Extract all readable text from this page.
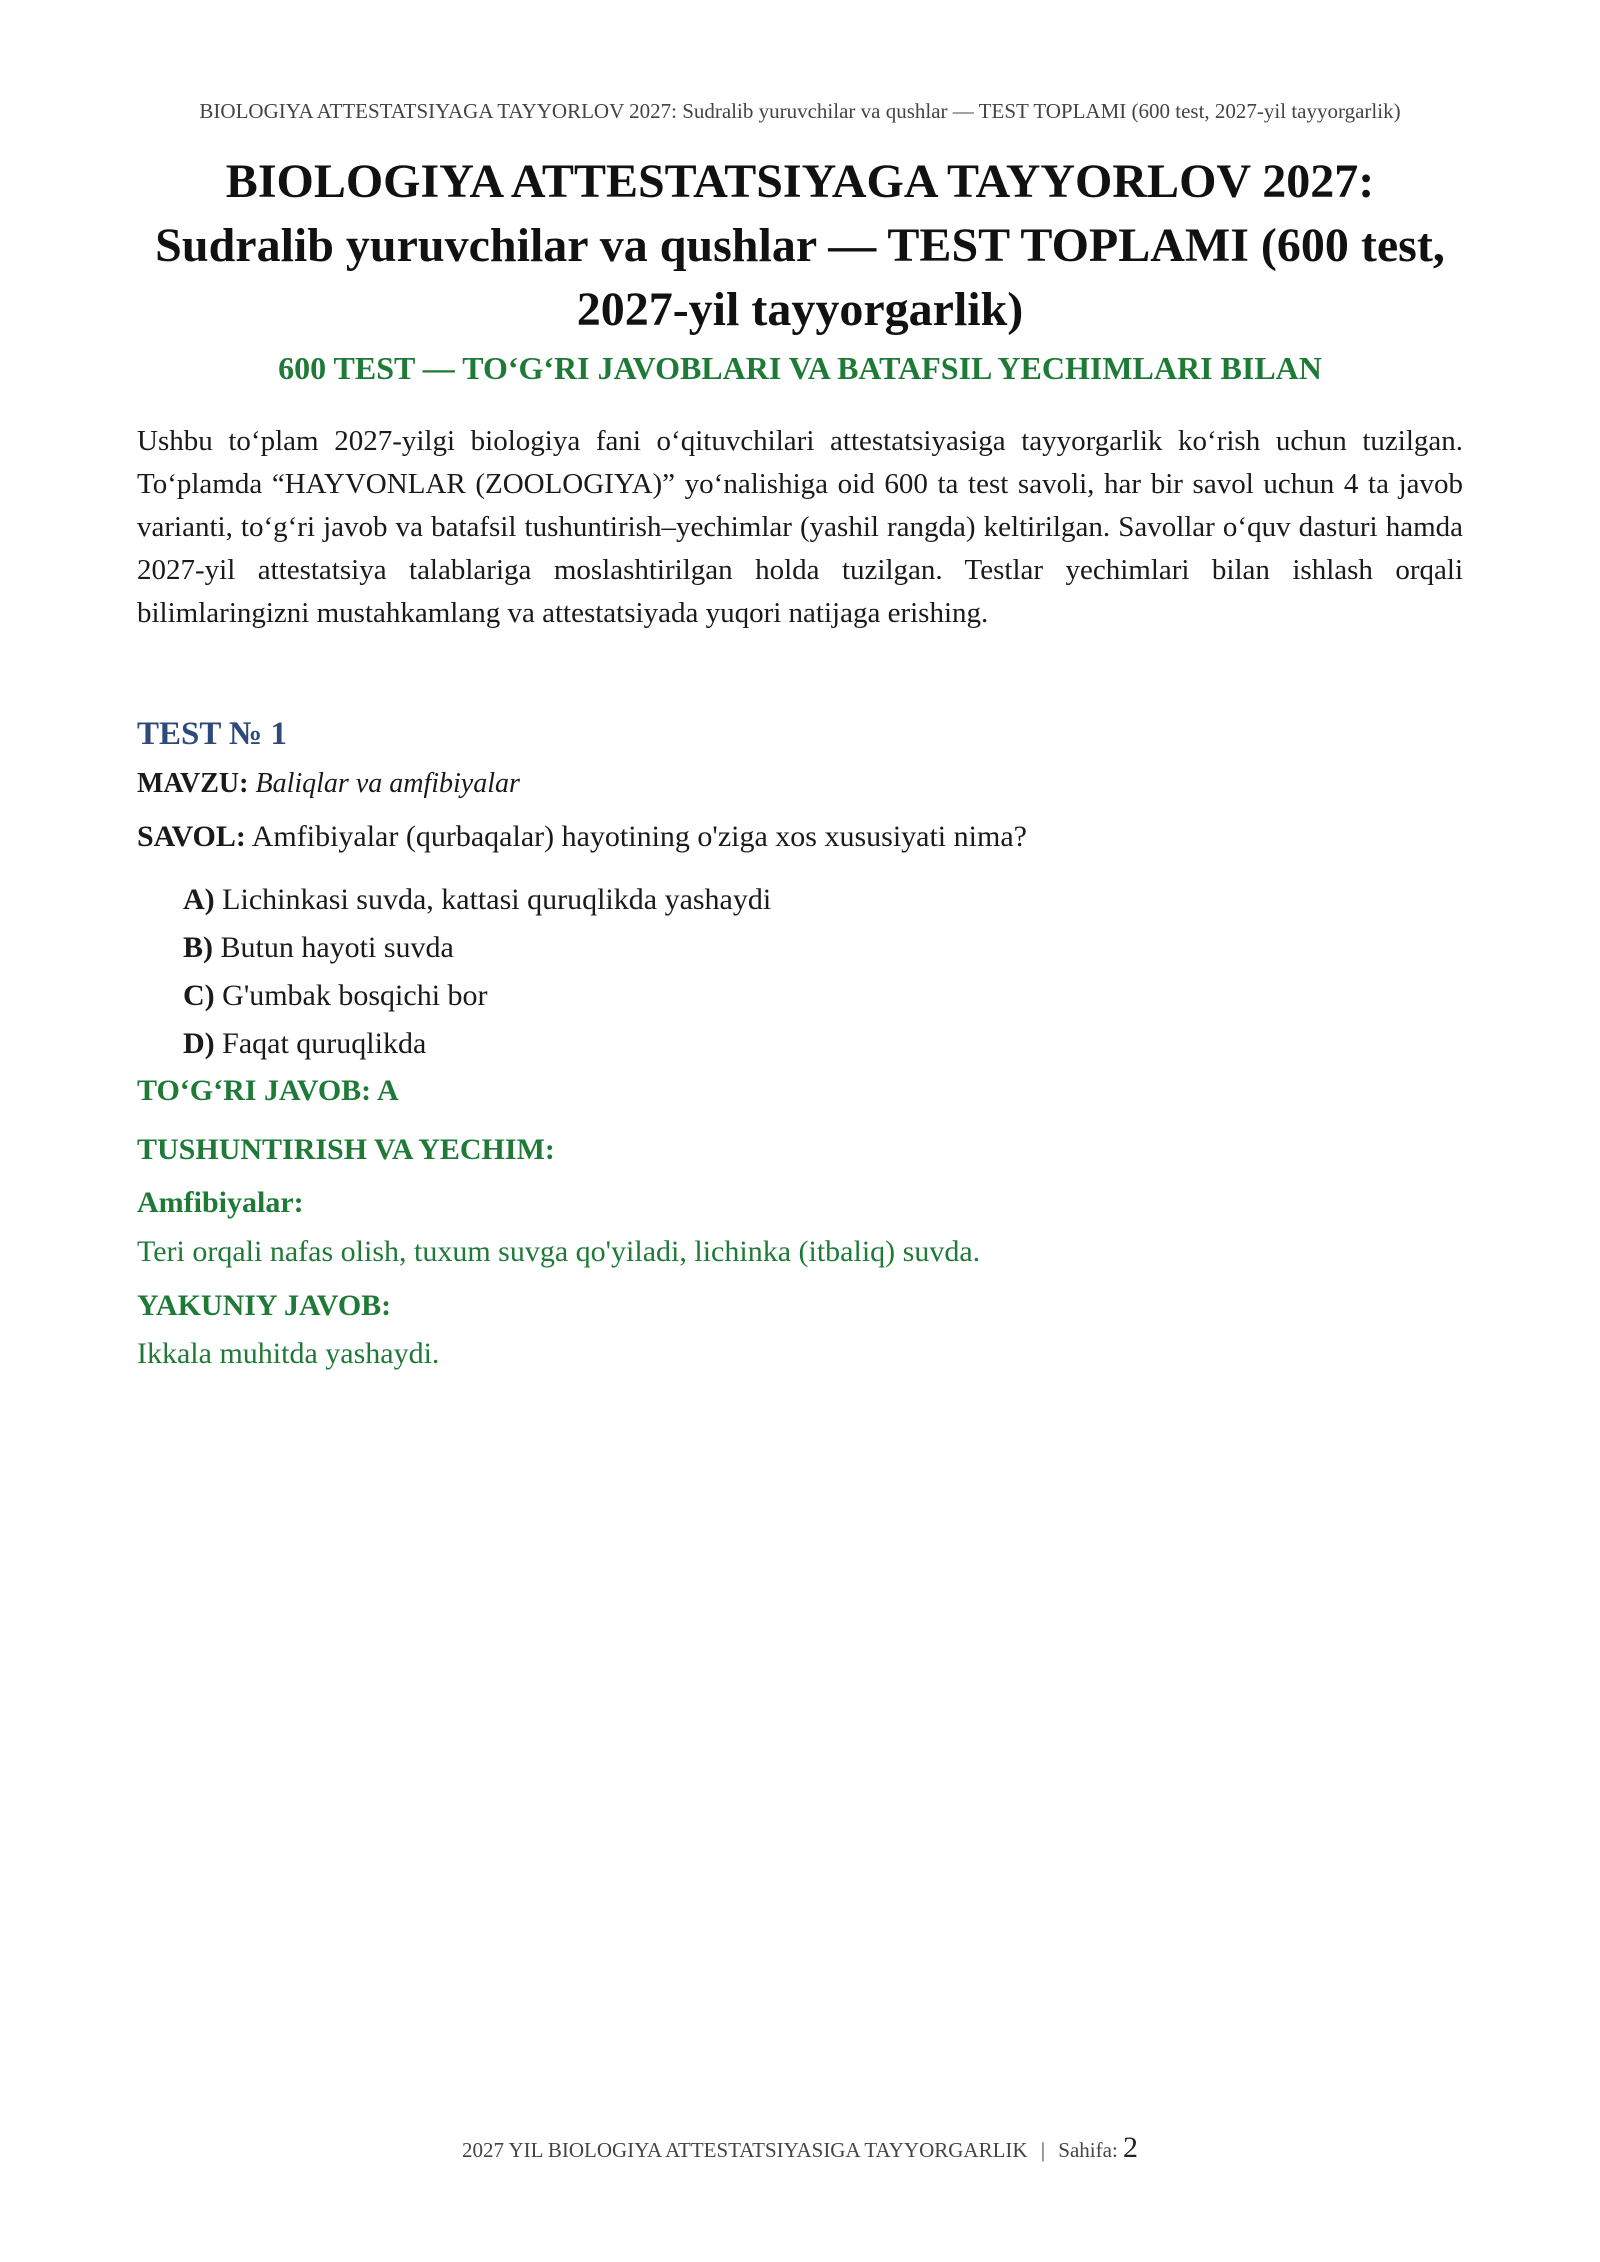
BIOLOGIYA ATTESTATSIYAGA TAYYORLOV 2027: Sudralib yuruvchilar va qushlar — TEST TOPLAMI (600 test, 2027-yil tayyorgarlik)
BIOLOGIYA ATTESTATSIYAGA TAYYORLOV 2027: Sudralib yuruvchilar va qushlar — TEST TOPLAMI (600 test, 2027-yil tayyorgarlik)
600 TEST — TO‘G‘RI JAVOBLARI VA BATAFSIL YECHIMLARI BILAN

Ushbu to‘plam 2027-yilgi biologiya fani o‘qituvchilari attestatsiyasiga tayyorgarlik ko‘rish uchun tuzilgan. To‘plamda “HAYVONLAR (ZOOLOGIYA)” yo‘nalishiga oid 600 ta test savoli, har bir savol uchun 4 ta javob varianti, to‘g‘ri javob va batafsil tushuntirish–yechimlar (yashil rangda) keltirilgan. Savollar o‘quv dasturi hamda 2027-yil attestatsiya talablariga moslashtirilgan holda tuzilgan. Testlar yechimlari bilan ishlash orqali bilimlaringizni mustahkamlang va attestatsiyada yuqori natijaga erishing.

TEST № 1
MAVZU: Baliqlar va amfibiyalar
SAVOL: Amfibiyalar (qurbaqalar) hayotining o'ziga xos xususiyati nima?
A) Lichinkasi suvda, kattasi quruqlikda yashaydi
B) Butun hayoti suvda
C) G'umbak bosqichi bor
D) Faqat quruqlikda
TO‘G‘RI JAVOB: A
TUSHUNTIRISH VA YECHIM:
Amfibiyalar:
Teri orqali nafas olish, tuxum suvga qo'yiladi, lichinka (itbaliq) suvda.
YAKUNIY JAVOB:
Ikkala muhitda yashaydi.
2027 YIL BIOLOGIYA ATTESTATSIYASIGA TAYYORGARLIK | Sahifa: 2
